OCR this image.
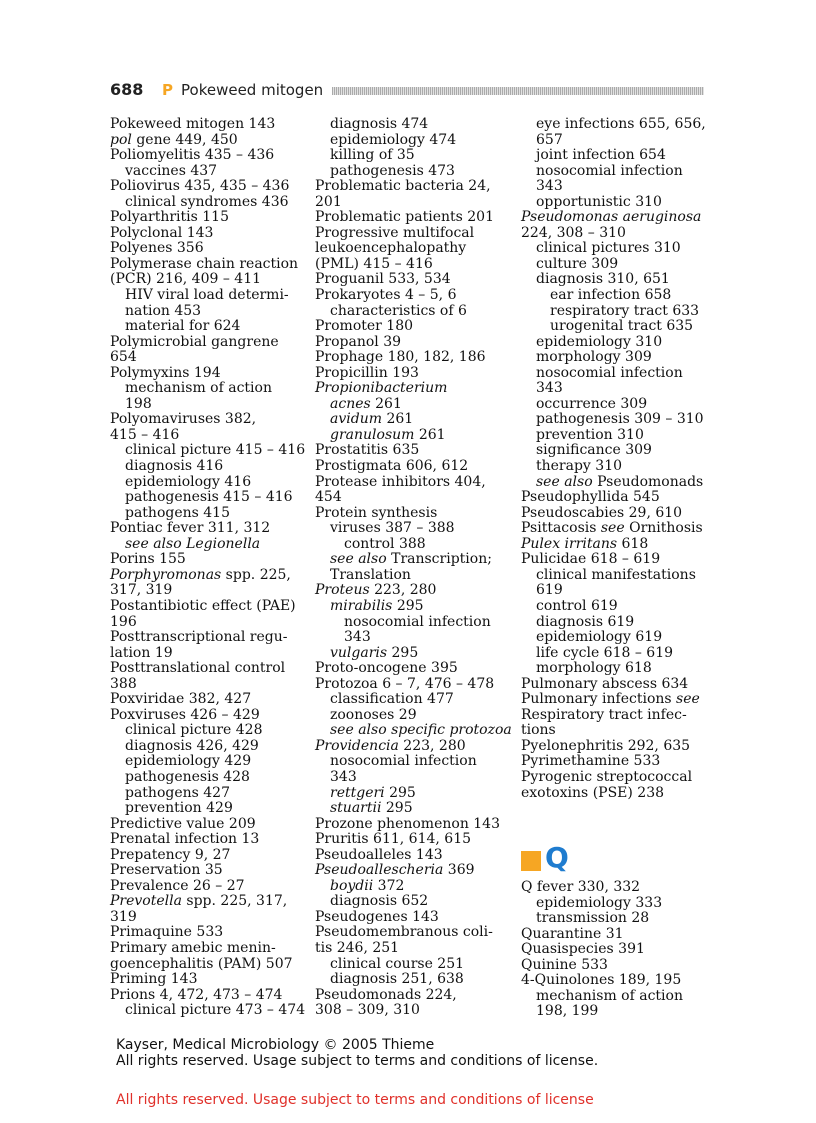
688 P Pokeweed mitogen
Pokeweed mitogen 143
pol gene 449, 450
Poliomyelitis 435 – 436
vaccines 437
Poliovirus 435, 435 – 436
clinical syndromes 436
Polyarthritis 115
Polyclonal 143
Polyenes 356
Polymerase chain reaction
(PCR) 216, 409 – 411
HIV viral load determi-
nation 453
material for 624
Polymicrobial gangrene
654
Polymyxins 194
mechanism of action
198
Polyomaviruses 382,
415 – 416
clinical picture 415 – 416
diagnosis 416
epidemiology 416
pathogenesis 415 – 416
pathogens 415
Pontiac fever 311, 312
see also Legionella
Porins 155
Porphyromonas spp. 225,
317, 319
Postantibiotic effect (PAE)
196
Posttranscriptional regu-
lation 19
Posttranslational control
388
Poxviridae 382, 427
Poxviruses 426 – 429
clinical picture 428
diagnosis 426, 429
epidemiology 429
pathogenesis 428
pathogens 427
prevention 429
Predictive value 209
Prenatal infection 13
Prepatency 9, 27
Preservation 35
Prevalence 26 – 27
Prevotella spp. 225, 317,
319
Primaquine 533
Primary amebic menin-
goencephalitis (PAM) 507
Priming 143
Prions 4, 472, 473 – 474
clinical picture 473 – 474
diagnosis 474
epidemiology 474
killing of 35
pathogenesis 473
Problematic bacteria 24,
201
Problematic patients 201
Progressive multifocal
leukoencephalopathy
(PML) 415 – 416
Proguanil 533, 534
Prokaryotes 4 – 5, 6
characteristics of 6
Promoter 180
Propanol 39
Prophage 180, 182, 186
Propicillin 193
Propionibacterium
acnes 261
avidum 261
granulosum 261
Prostatitis 635
Prostigmata 606, 612
Protease inhibitors 404,
454
Protein synthesis
viruses 387 – 388
control 388
see also Transcription;
Translation
Proteus 223, 280
mirabilis 295
nosocomial infection
343
vulgaris 295
Proto-oncogene 395
Protozoa 6 – 7, 476 – 478
classification 477
zoonoses 29
see also specific protozoa
Providencia 223, 280
nosocomial infection
343
rettgeri 295
stuartii 295
Prozone phenomenon 143
Pruritis 611, 614, 615
Pseudoalleles 143
Pseudoallescheria 369
boydii 372
diagnosis 652
Pseudogenes 143
Pseudomembranous coli-
tis 246, 251
clinical course 251
diagnosis 251, 638
Pseudomonads 224,
308 – 309, 310
eye infections 655, 656,
657
joint infection 654
nosocomial infection
343
opportunistic 310
Pseudomonas aeruginosa
224, 308 – 310
clinical pictures 310
culture 309
diagnosis 310, 651
ear infection 658
respiratory tract 633
urogenital tract 635
epidemiology 310
morphology 309
nosocomial infection
343
occurrence 309
pathogenesis 309 – 310
prevention 310
significance 309
therapy 310
see also Pseudomonads
Pseudophyllida 545
Pseudoscabies 29, 610
Psittacosis see Ornithosis
Pulex irritans 618
Pulicidae 618 – 619
clinical manifestations
619
control 619
diagnosis 619
epidemiology 619
life cycle 618 – 619
morphology 618
Pulmonary abscess 634
Pulmonary infections see
Respiratory tract infec-
tions
Pyelonephritis 292, 635
Pyrimethamine 533
Pyrogenic streptococcal
exotoxins (PSE) 238
Q
Q fever 330, 332
epidemiology 333
transmission 28
Quarantine 31
Quasispecies 391
Quinine 533
4-Quinolones 189, 195
mechanism of action
198, 199
Kayser, Medical Microbiology © 2005 Thieme
All rights reserved. Usage subject to terms and conditions of license.
All rights reserved. Usage subject to terms and conditions of license
